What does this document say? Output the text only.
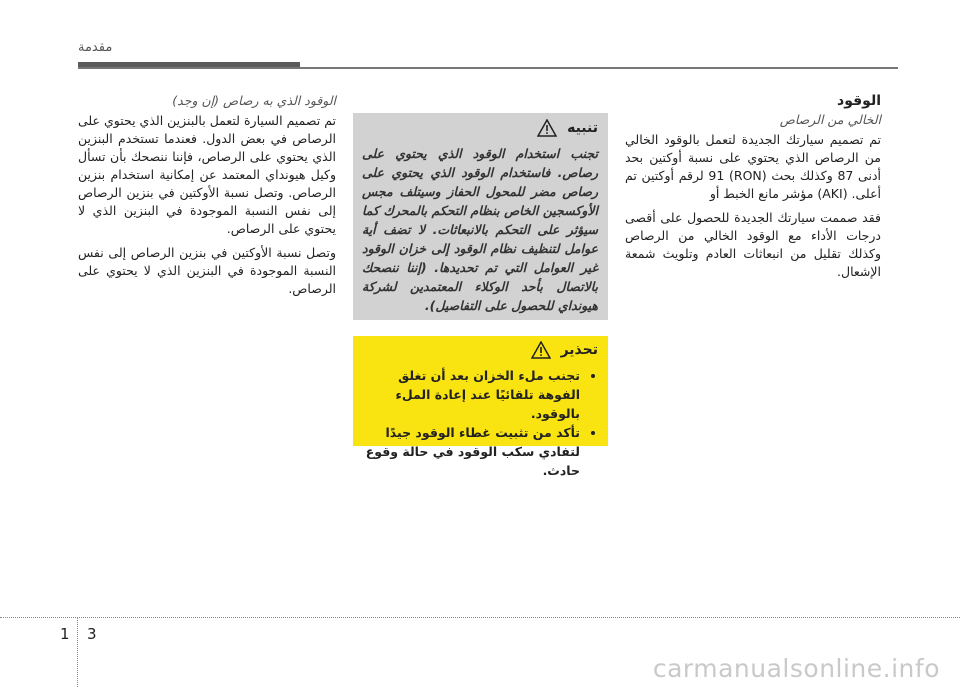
مقدمة
الوقود
الخالي من الرصاص

تم تصميم سيارتك الجديدة لتعمل بالوقود الخالي من الرصاص الذي يحتوي على نسبة أوكتين بحد أدنى 87 وكذلك بحث (RON) 91 لرقم أوكتين تم أعلى. (AKI) مؤشر مانع الخبط أو

فقد صممت سيارتك الجديدة للحصول على أقصى درجات الأداء مع الوقود الخالي من الرصاص وكذلك تقليل من انبعاثات العادم وتلويث شمعة الإشعال.

تنبيه
تجنب استخدام الوقود الذي يحتوي على رصاص. فاستخدام الوقود الذي يحتوي على رصاص مضر للمحول الحفاز وسيتلف مجس الأوكسجين الخاص بنظام التحكم بالمحرك كما سيؤثر على التحكم بالانبعاثات. لا تضف أية عوامل لتنظيف نظام الوقود إلى خزان الوقود غير العوامل التي تم تحديدها. (إننا ننصحك بالاتصال بأحد الوكلاء المعتمدين لشركة هيونداي للحصول على التفاصيل).
تحذير
• تجنب ملء الخزان بعد أن تغلق الفوهة تلقائيًا عند إعادة الملء بالوقود.
• تأكد من تثبيت غطاء الوقود جيدًا لتفادي سكب الوقود في حالة وقوع حادث.
الوقود الذي به رصاص (إن وجد)

تم تصميم السيارة لتعمل بالبنزين الذي يحتوي على الرصاص في بعض الدول. فعندما تستخدم البنزين الذي يحتوي على الرصاص، فإننا ننصحك بأن تسأل وكيل هيونداي المعتمد عن إمكانية استخدام بنزين الرصاص. وتصل نسبة الأوكتين في بنزين الرصاص إلى نفس النسبة الموجودة في البنزين الذي لا يحتوي على الرصاص.

وتصل نسبة الأوكتين في بنزين الرصاص إلى نفس النسبة الموجودة في البنزين الذي لا يحتوي على الرصاص.

1 3
carmanualsonline.info
